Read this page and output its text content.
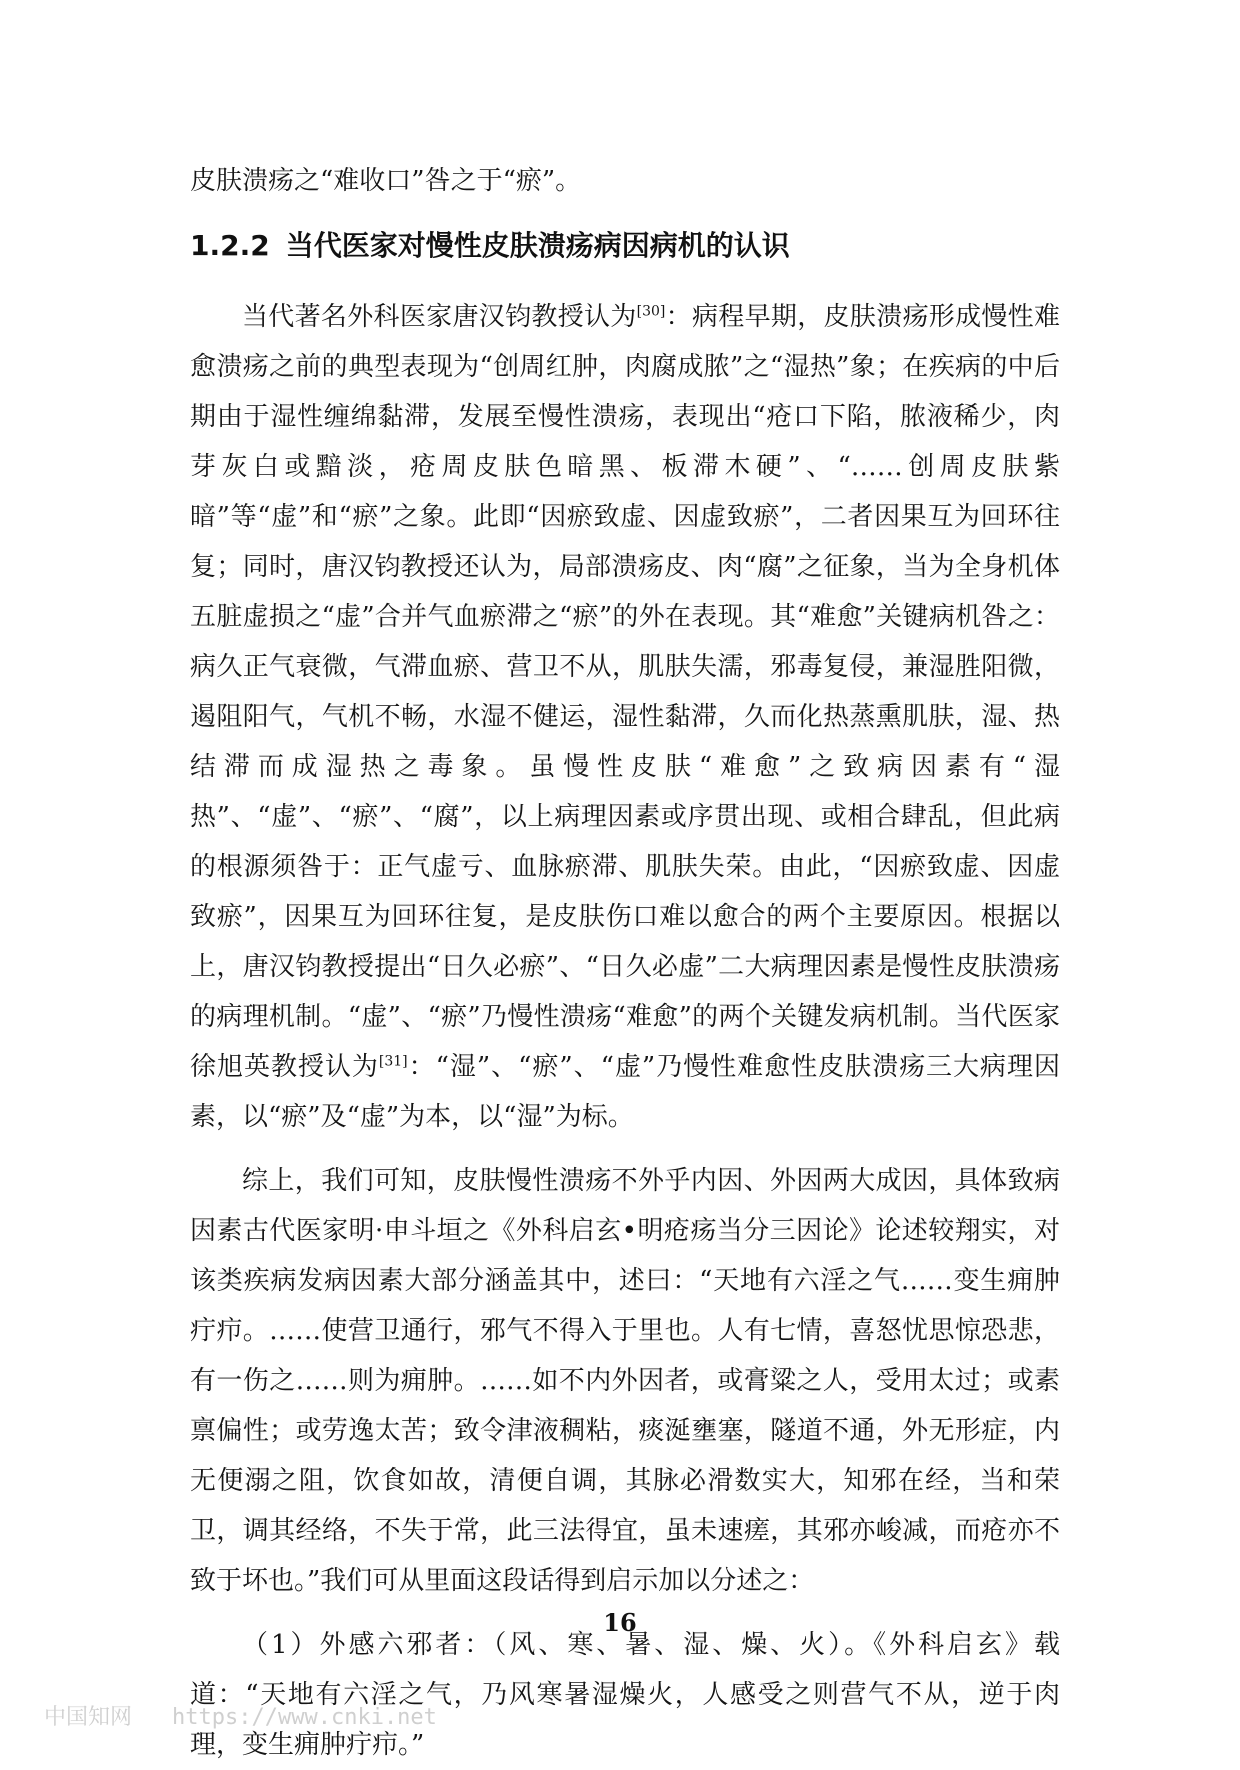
皮肤溃疡之“难收口”咎之于“瘀”。

1.2.2 当代医家对慢性皮肤溃疡病因病机的认识

当代著名外科医家唐汉钧教授认为[30]：病程早期，皮肤溃疡形成慢性难愈溃疡之前的典型表现为“创周红肿，肉腐成脓”之“湿热”象；在疾病的中后期由于湿性缠绵黏滞，发展至慢性溃疡，表现出“疮口下陷，脓液稀少，肉芽灰白或黯淡，疮周皮肤色暗黑、板滞木硬”、“……创周皮肤紫暗”等“虚”和“瘀”之象。此即“因瘀致虚、因虚致瘀”，二者因果互为回环往复；同时，唐汉钧教授还认为，局部溃疡皮、肉“腐”之征象，当为全身机体五脏虚损之“虚”合并气血瘀滞之“瘀”的外在表现。其“难愈”关键病机咎之：病久正气衰微，气滞血瘀、营卫不从，肌肤失濡，邪毒复侵，兼湿胜阳微，遏阻阳气，气机不畅，水湿不健运，湿性黏滞，久而化热蒸熏肌肤，湿、热结滞而成湿热之毒象。虽慢性皮肤“难愈”之致病因素有“湿热”、“虚”、“瘀”、“腐”，以上病理因素或序贯出现、或相合肆乱，但此病的根源须咎于：正气虚亏、血脉瘀滞、肌肤失荣。由此，“因瘀致虚、因虚致瘀”，因果互为回环往复，是皮肤伤口难以愈合的两个主要原因。根据以上，唐汉钧教授提出“日久必瘀”、“日久必虚”二大病理因素是慢性皮肤溃疡的病理机制。“虚”、“瘀”乃慢性溃疡“难愈”的两个关键发病机制。当代医家徐旭英教授认为[31]：“湿”、“瘀”、“虚”乃慢性难愈性皮肤溃疡三大病理因素，以“瘀”及“虚”为本，以“湿”为标。

综上，我们可知，皮肤慢性溃疡不外乎内因、外因两大成因，具体致病因素古代医家明·申斗垣之《外科启玄•明疮疡当分三因论》论述较翔实，对该类疾病发病因素大部分涵盖其中，述曰：“天地有六淫之气……变生痈肿疔疖。……使营卫通行，邪气不得入于里也。人有七情，喜怒忧思惊恐悲，有一伤之……则为痈肿。……如不内外因者，或膏粱之人，受用太过；或素禀偏性；或劳逸太苦；致令津液稠粘，痰涎壅塞，隧道不通，外无形症，内无便溺之阻，饮食如故，清便自调，其脉必滑数实大，知邪在经，当和荣卫，调其经络，不失于常，此三法得宜，虽未速瘥，其邪亦峻减，而疮亦不致于坏也。”我们可从里面这段话得到启示加以分述之：

（1）外感六邪者：（风、寒、暑、湿、燥、火）。《外科启玄》载道：“天地有六淫之气，乃风寒暑湿燥火，人感受之则营气不从，逆于肉理，变生痈肿疔疖。”

16
中国知网 https://www.cnki.net
